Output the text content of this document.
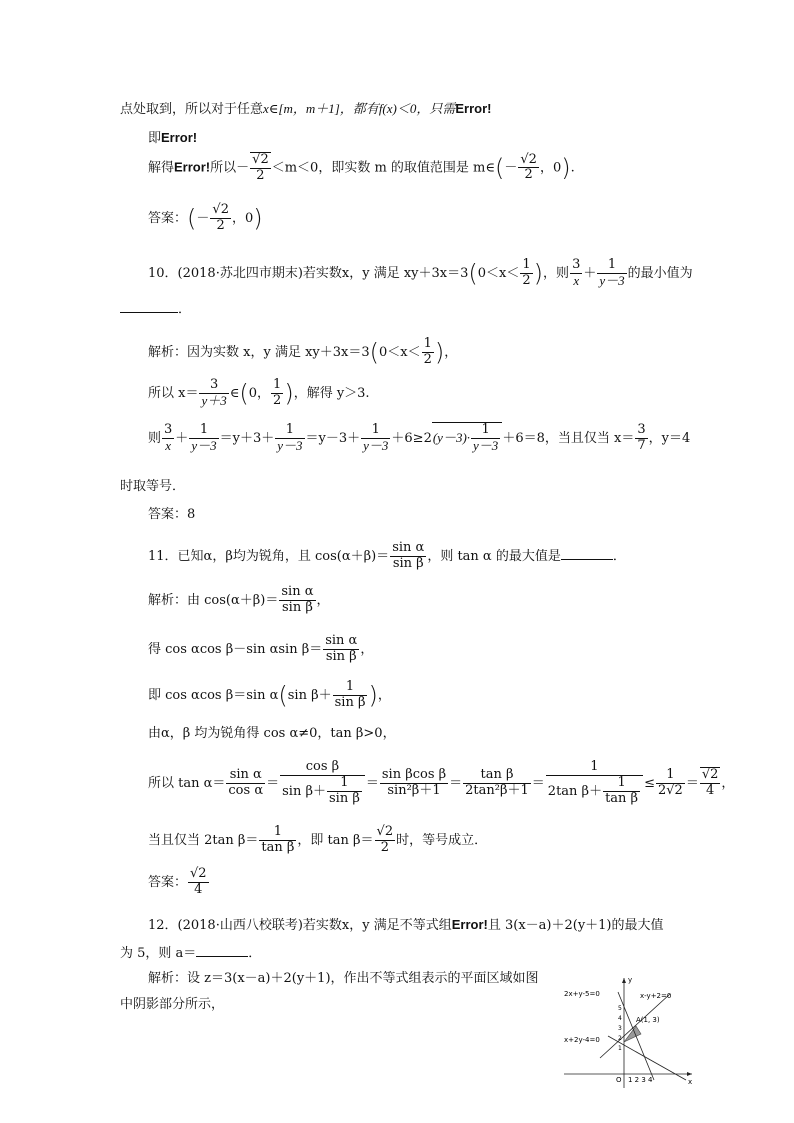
点处取到，所以对于任意x∈[m，m＋1]，都有f(x)＜0，只需Error!
即Error!
解得Error!所以－ $\frac{√2}{2} <m<0$，即实数 m 的取值范围是 m∈(－ $\frac{√2}{2}$ ，0).
答案：(－ $\frac{√2}{2}$ ，0)
10．(2018·苏北四市期末)若实数x，y 满足 $xy+3x=3(0<x< \frac{1}{2}$ )，则 $\frac{3}{x} + \frac{1}{y-3}$ 的最小值为
．
解析：因为实数 x，y 满足 $xy+3x=3(0<x< \frac{1}{2}$ )，
所以 $x= \frac{3}{y+3}$ ∈(0， $\frac{1}{2}$ )，解得 y＞3.
则 $\frac{3}{x} + \frac{1}{y-3} =y+3+ \frac{1}{y-3} =y-3+ \frac{1}{y-3} +6\ge 2(y-3)\cdot \frac{1}{y-3} +6=8$，当且仅当 $x= \frac{3}{7}$ ，y＝4
时取等号．
答案：8
11．已知α，β均为锐角，且 $\cos(\alpha+\beta)= \frac{\text{sin α}}{\text{sin β}}$ ，则 tan α 的最大值是	．
解析：由 $\cos(\alpha+\beta)= \frac{\text{sin α}}{\text{sin β}}$ ，
得 cos αcos β－sin αsin $\beta= \frac{\text{sin α}}{\text{sin β}}$ ，
即 cos αcos β＝sin α(sin $\beta+ \frac{1}{\text{sin β}}$ )，
由α，β 均为锐角得 cos α≠0，tan β>0，
所以 $\tan \alpha= \frac{\text{sin α}}{\text{cos α}} = \frac{\text{cos β}}{\sin \beta+ \frac{1}{\text{sin β}}} = \frac{\text{sin βcos β}}{\text{sin²β＋1}} = \frac{\text{tan β}}{\text{2tan²β＋1}} = \frac{1}{2\tan \beta+ \frac{1}{\text{tan β}}} \le \frac{1}{2√2} = \frac{√2}{4}$ ，
当且仅当 2tan $\beta= \frac{1}{\text{tan β}}$ ，即 $\tan \beta= \frac{√2}{2}$ 时，等号成立．
答案： $\frac{√2}{4}$
12．(2018·山西八校联考)若实数x，y 满足不等式组Error!且 3(x－a)＋2(y＋1)的最大值
为 5，则 a＝	．
解析：设 z＝3(x－a)＋2(y＋1)，作出不等式组表示的平面区域如图
中阴影部分所示，
2x+y-5=0	x-y+2=0
x+2y-4=0
A(1, 3)
x
y
O 1 2 3 4
5
4
3
2
1
